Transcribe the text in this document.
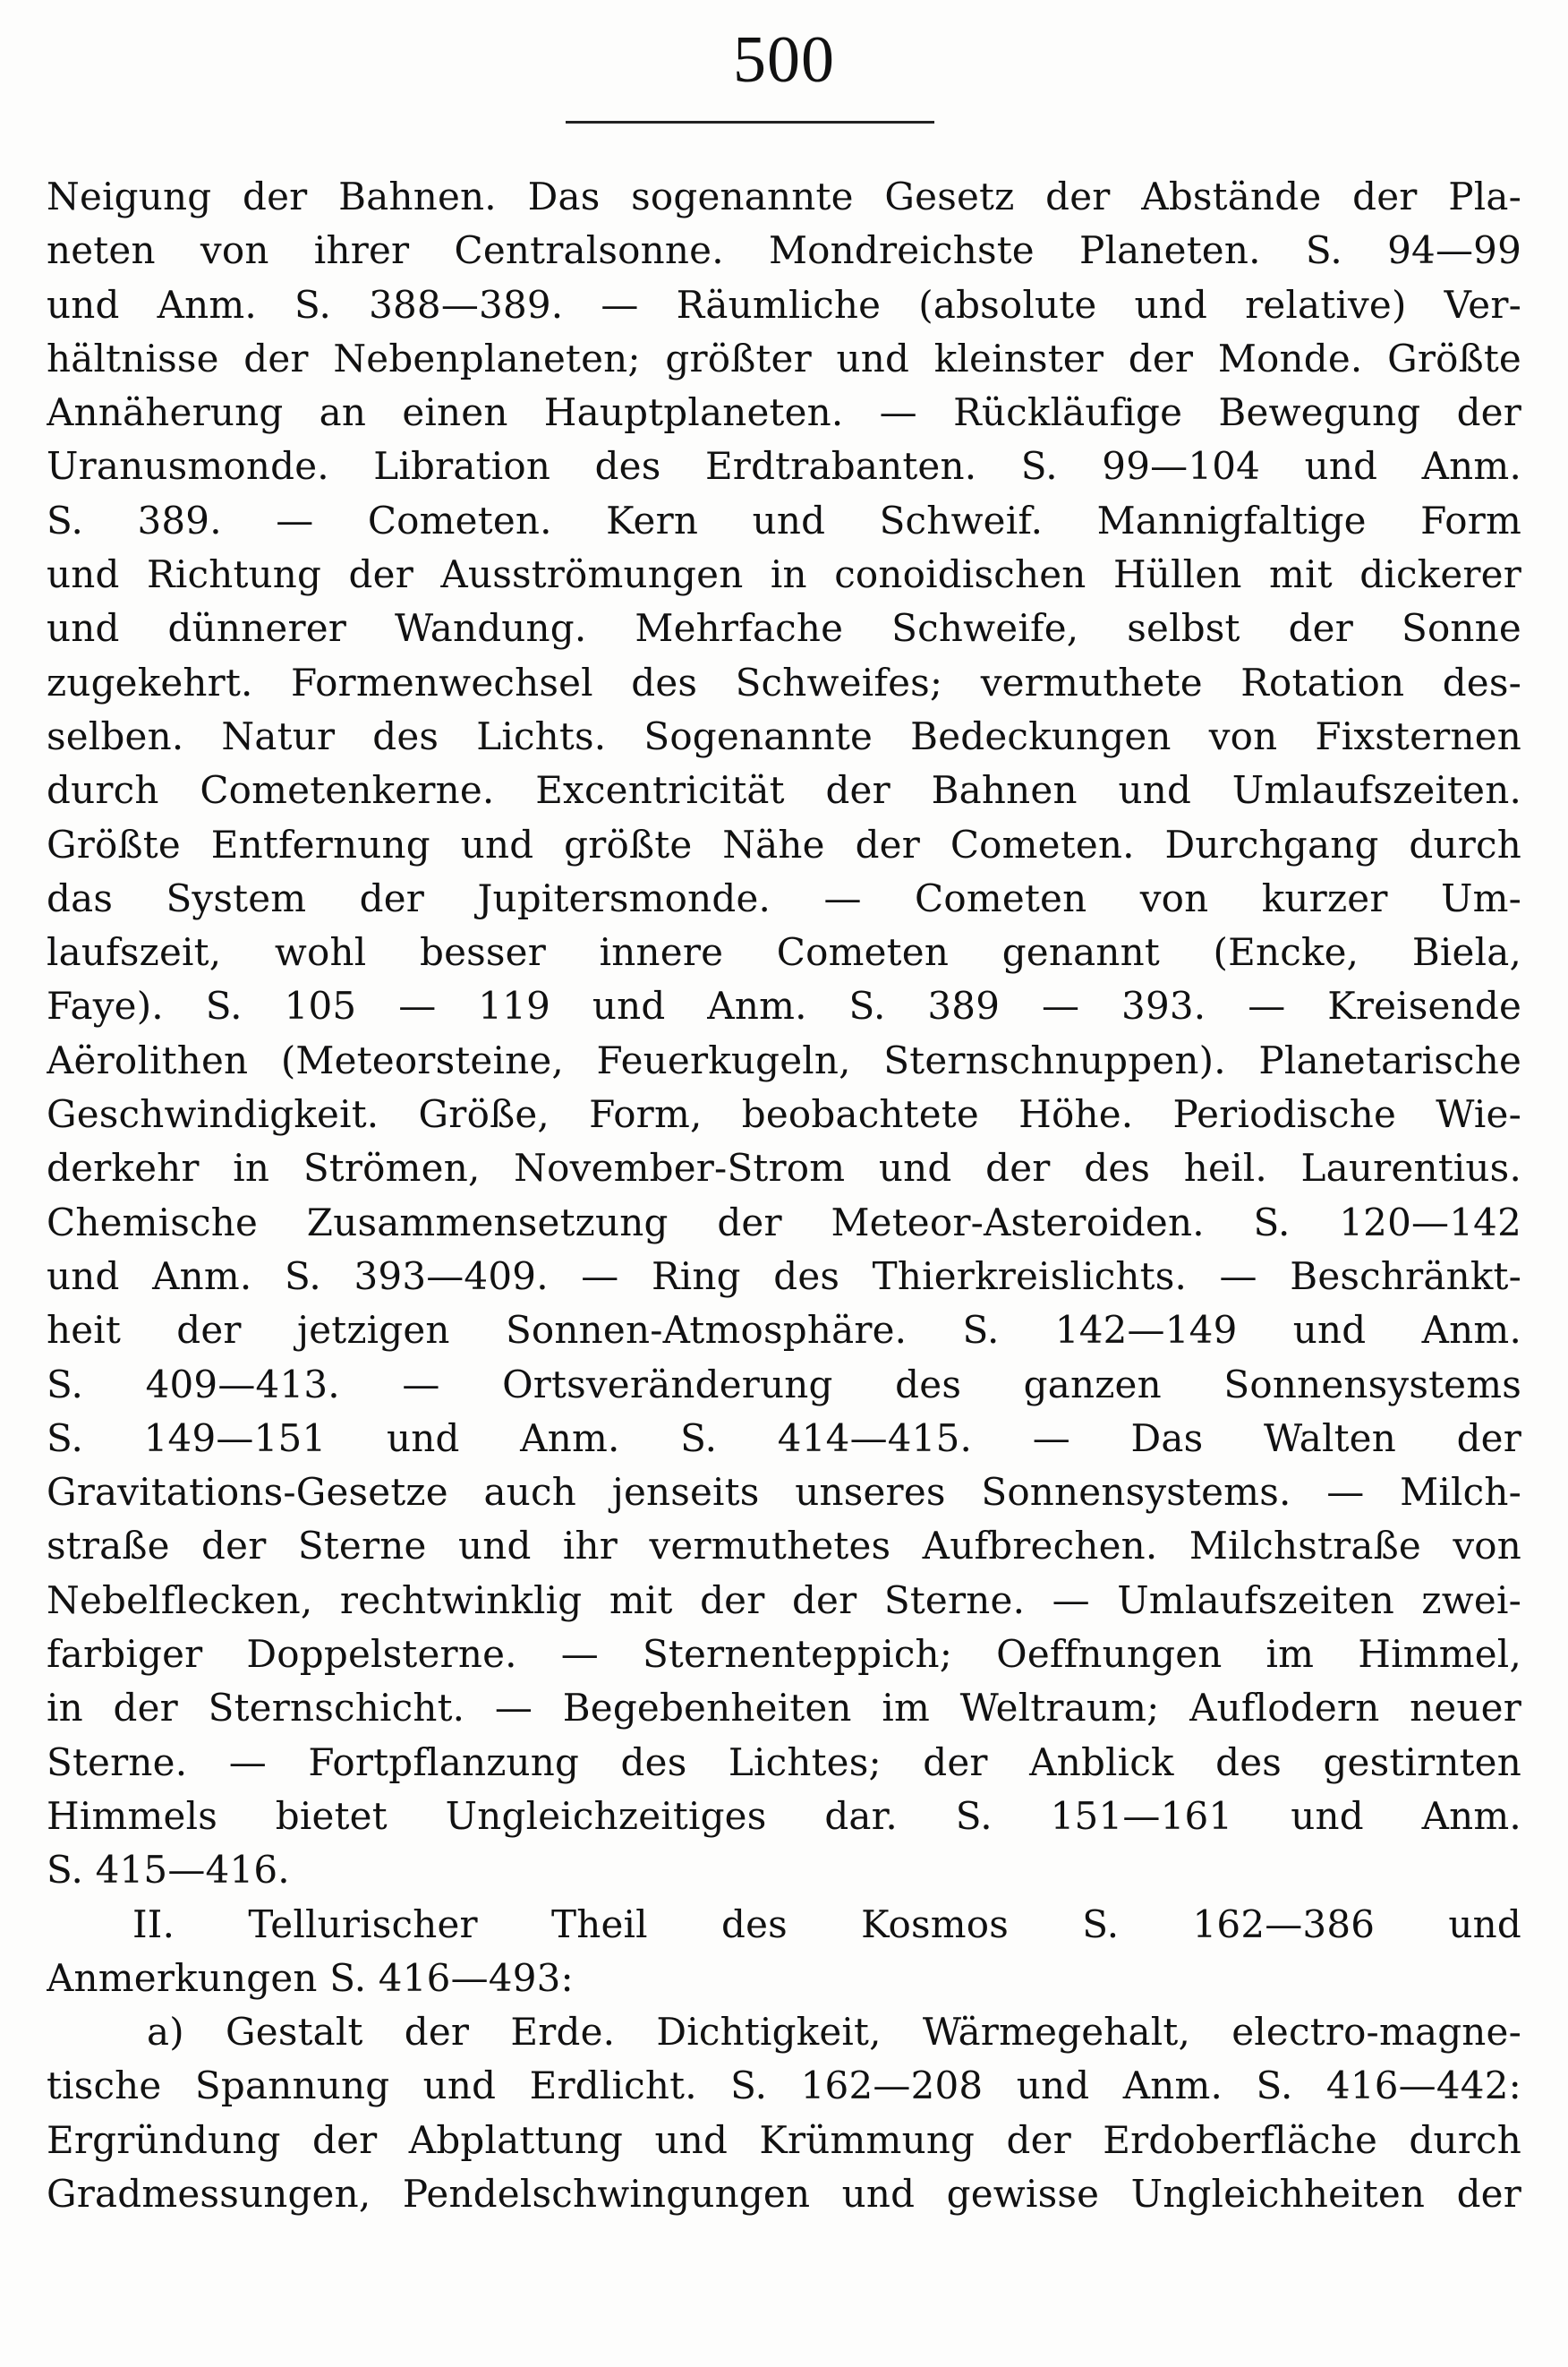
500
Neigung der Bahnen. Das sogenannte Gesetz der Abstände der Pla-
neten von ihrer Centralsonne. Mondreichste Planeten. S. 94—99
und Anm. S. 388—389. — Räumliche (absolute und relative) Ver-
hältnisse der Nebenplaneten; größter und kleinster der Monde. Größte
Annäherung an einen Hauptplaneten. — Rückläufige Bewegung der
Uranusmonde. Libration des Erdtrabanten. S. 99—104 und Anm.
S. 389. — Cometen. Kern und Schweif. Mannigfaltige Form
und Richtung der Ausströmungen in conoidischen Hüllen mit dickerer
und dünnerer Wandung. Mehrfache Schweife, selbst der Sonne
zugekehrt. Formenwechsel des Schweifes; vermuthete Rotation des-
selben. Natur des Lichts. Sogenannte Bedeckungen von Fixsternen
durch Cometenkerne. Excentricität der Bahnen und Umlaufszeiten.
Größte Entfernung und größte Nähe der Cometen. Durchgang durch
das System der Jupitersmonde. — Cometen von kurzer Um-
laufszeit, wohl besser innere Cometen genannt (Encke, Biela,
Faye). S. 105 — 119 und Anm. S. 389 — 393. — Kreisende
Aërolithen (Meteorsteine, Feuerkugeln, Sternschnuppen). Planetarische
Geschwindigkeit. Größe, Form, beobachtete Höhe. Periodische Wie-
derkehr in Strömen, November-Strom und der des heil. Laurentius.
Chemische Zusammensetzung der Meteor-Asteroiden. S. 120—142
und Anm. S. 393—409. — Ring des Thierkreislichts. — Beschränkt-
heit der jetzigen Sonnen-Atmosphäre. S. 142—149 und Anm.
S. 409—413. — Ortsveränderung des ganzen Sonnensystems
S. 149—151 und Anm. S. 414—415. — Das Walten der
Gravitations-Gesetze auch jenseits unseres Sonnensystems. — Milch-
straße der Sterne und ihr vermuthetes Aufbrechen. Milchstraße von
Nebelflecken, rechtwinklig mit der der Sterne. — Umlaufszeiten zwei-
farbiger Doppelsterne. — Sternenteppich; Oeffnungen im Himmel,
in der Sternschicht. — Begebenheiten im Weltraum; Auflodern neuer
Sterne. — Fortpflanzung des Lichtes; der Anblick des gestirnten
Himmels bietet Ungleichzeitiges dar. S. 151—161 und Anm.
S. 415—416.
II. Tellurischer Theil des Kosmos S. 162—386 und
Anmerkungen S. 416—493:
a) Gestalt der Erde. Dichtigkeit, Wärmegehalt, electro-magne-
tische Spannung und Erdlicht. S. 162—208 und Anm. S. 416—442:
Ergründung der Abplattung und Krümmung der Erdoberfläche durch
Gradmessungen, Pendelschwingungen und gewisse Ungleichheiten der
